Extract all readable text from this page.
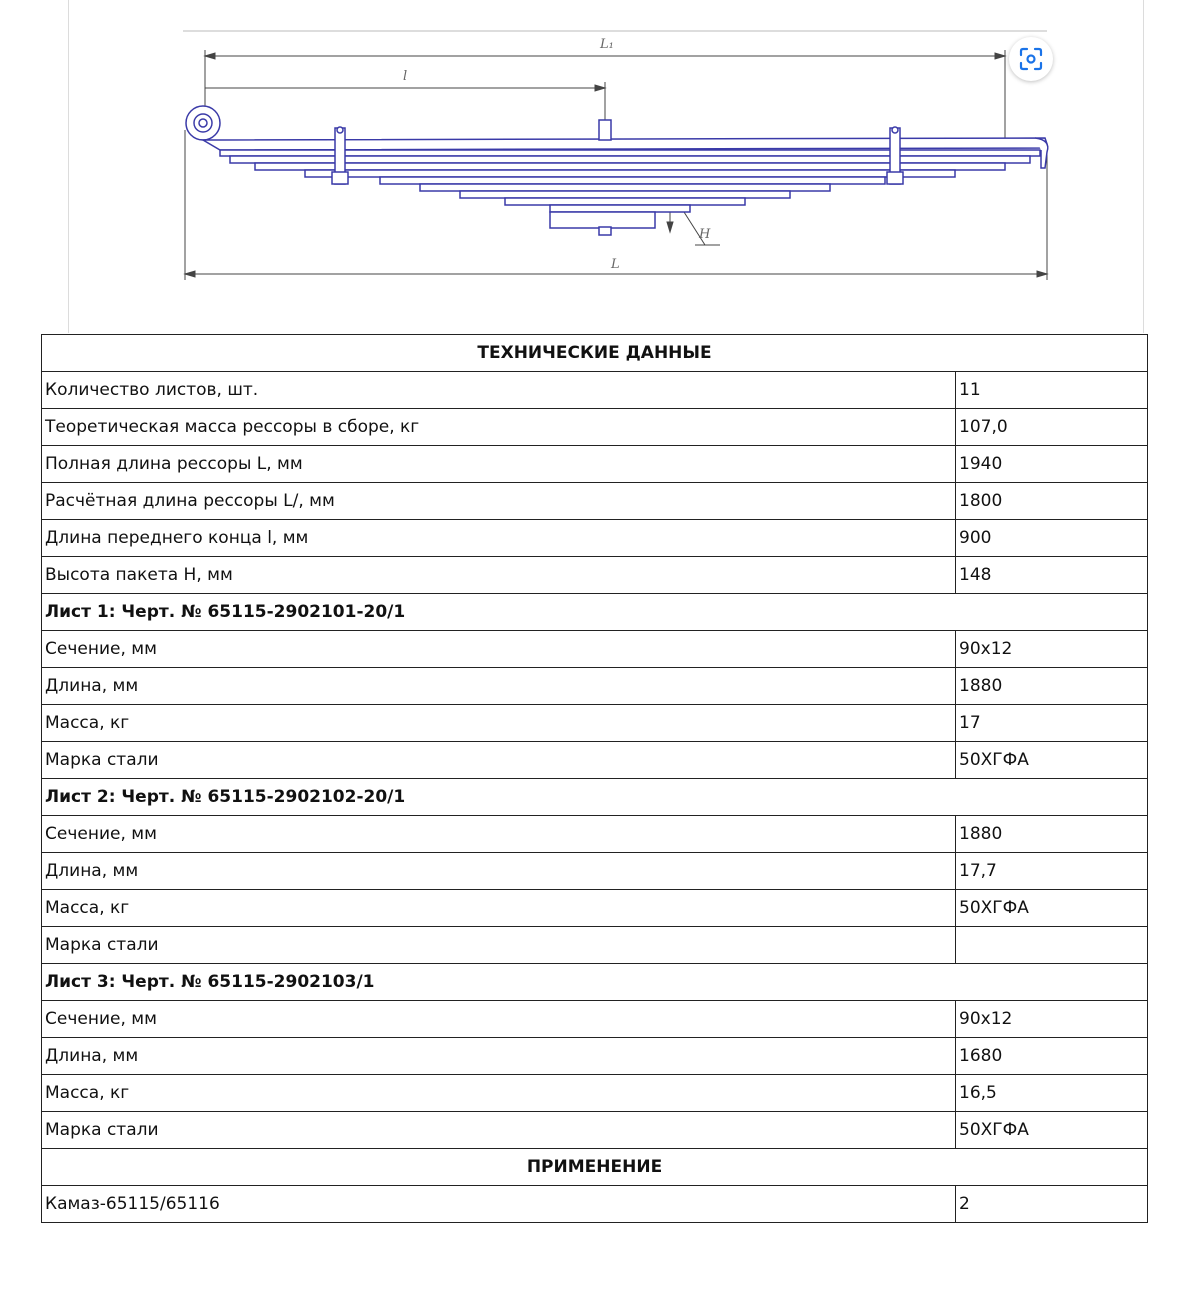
L₁
l
L
H
ТЕХНИЧЕСКИЕ ДАННЫЕ	
Количество листов, шт.	11
Теоретическая масса рессоры в сборе, кг	107,0
Полная длина рессоры L, мм	1940
Расчётная длина рессоры L/, мм	1800
Длина переднего конца l, мм	900
Высота пакета H, мм	148
Лист 1: Черт. № 65115-2902101-20/1	
Сечение, мм	90x12
Длина, мм	1880
Масса, кг	17
Марка стали	50ХГФА
Лист 2: Черт. № 65115-2902102-20/1	
Сечение, мм	1880
Длина, мм	17,7
Масса, кг	50ХГФА
Марка стали	
Лист 3: Черт. № 65115-2902103/1	
Сечение, мм	90x12
Длина, мм	1680
Масса, кг	16,5
Марка стали	50ХГФА
ПРИМЕНЕНИЕ	
Камаз-65115/65116	2
